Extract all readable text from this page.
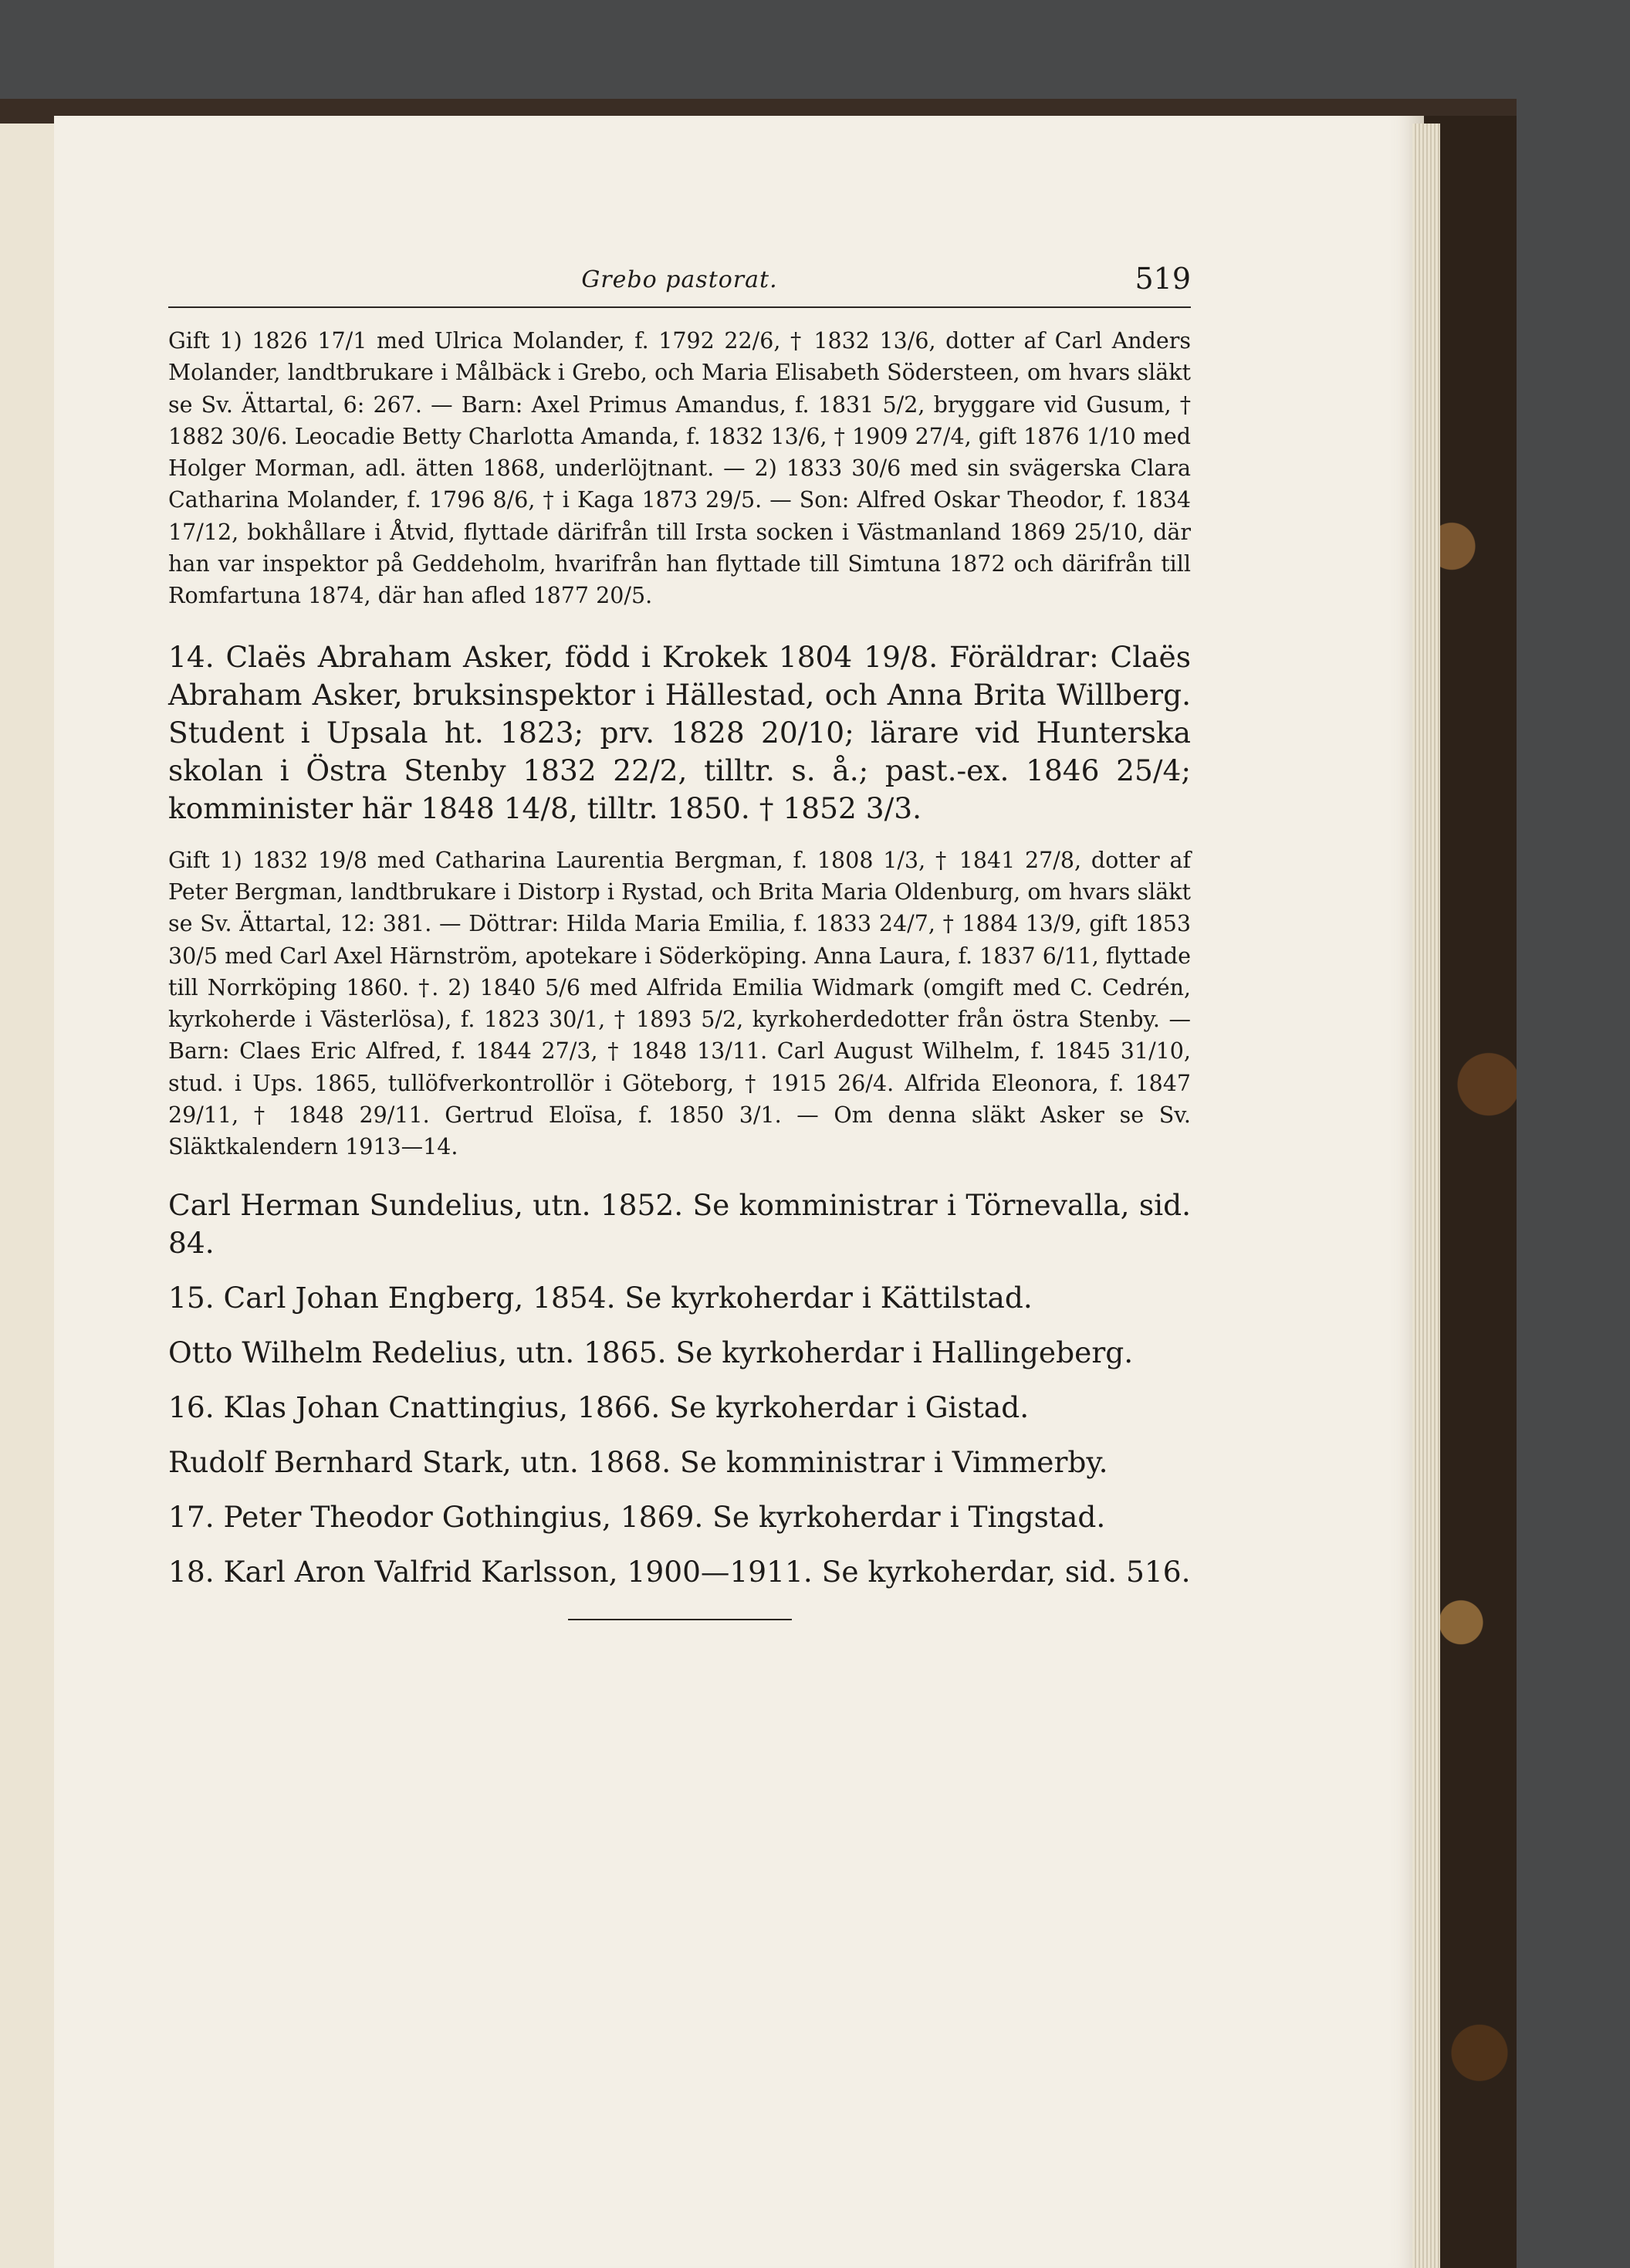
Grebo pastorat.	519

Gift 1) 1826 17/1 med Ulrica Molander, f. 1792 22/6, † 1832 13/6, dotter af Carl Anders Molander, landtbrukare i Målbäck i Grebo, och Maria Elisabeth Södersteen, om hvars släkt se Sv. Ättartal, 6: 267. — Barn: Axel Primus Amandus, f. 1831 5/2, bryggare vid Gusum, † 1882 30/6. Leocadie Betty Charlotta Amanda, f. 1832 13/6, † 1909 27/4, gift 1876 1/10 med Holger Morman, adl. ätten 1868, underlöjtnant. — 2) 1833 30/6 med sin svägerska Clara Catharina Molander, f. 1796 8/6, † i Kaga 1873 29/5. — Son: Alfred Oskar Theodor, f. 1834 17/12, bokhållare i Åtvid, flyttade därifrån till Irsta socken i Västmanland 1869 25/10, där han var inspektor på Geddeholm, hvarifrån han flyttade till Simtuna 1872 och därifrån till Romfartuna 1874, där han afled 1877 20/5.

14. Claës Abraham Asker, född i Krokek 1804 19/8. Föräldrar: Claës Abraham Asker, bruksinspektor i Hällestad, och Anna Brita Willberg. Student i Upsala ht. 1823; prv. 1828 20/10; lärare vid Hunterska skolan i Östra Stenby 1832 22/2, tilltr. s. å.; past.-ex. 1846 25/4; komminister här 1848 14/8, tilltr. 1850. † 1852 3/3.

Gift 1) 1832 19/8 med Catharina Laurentia Bergman, f. 1808 1/3, † 1841 27/8, dotter af Peter Bergman, landtbrukare i Distorp i Rystad, och Brita Maria Oldenburg, om hvars släkt se Sv. Ättartal, 12: 381. — Döttrar: Hilda Maria Emilia, f. 1833 24/7, † 1884 13/9, gift 1853 30/5 med Carl Axel Härnström, apotekare i Söderköping. Anna Laura, f. 1837 6/11, flyttade till Norrköping 1860. †. 2) 1840 5/6 med Alfrida Emilia Widmark (omgift med C. Cedrén, kyrkoherde i Västerlösa), f. 1823 30/1, † 1893 5/2, kyrkoherdedotter från östra Stenby. — Barn: Claes Eric Alfred, f. 1844 27/3, † 1848 13/11. Carl August Wilhelm, f. 1845 31/10, stud. i Ups. 1865, tullöfverkontrollör i Göteborg, † 1915 26/4. Alfrida Eleonora, f. 1847 29/11, † 1848 29/11. Gertrud Eloïsa, f. 1850 3/1. — Om denna släkt Asker se Sv. Släktkalendern 1913—14.

Carl Herman Sundelius, utn. 1852. Se komministrar i Törnevalla, sid. 84.

15. Carl Johan Engberg, 1854. Se kyrkoherdar i Kättilstad.

Otto Wilhelm Redelius, utn. 1865. Se kyrkoherdar i Hallingeberg.

16. Klas Johan Cnattingius, 1866. Se kyrkoherdar i Gistad.

Rudolf Bernhard Stark, utn. 1868. Se komministrar i Vimmerby.

17. Peter Theodor Gothingius, 1869. Se kyrkoherdar i Tingstad.

18. Karl Aron Valfrid Karlsson, 1900—1911. Se kyrkoherdar, sid. 516.
